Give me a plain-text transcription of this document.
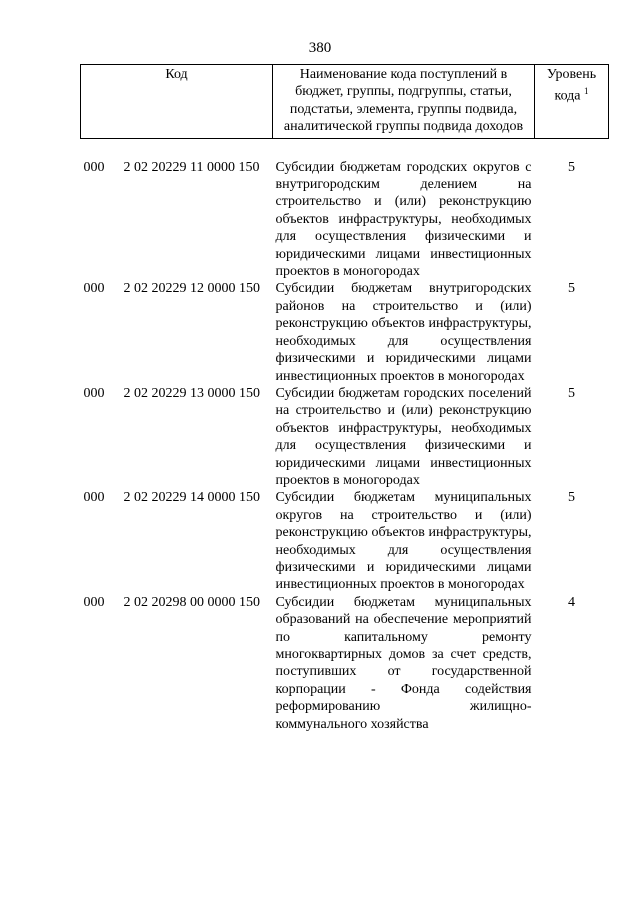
380
Код	Наименование кода поступлений в бюджет, группы, подгруппы, статьи, подстатьи, элемента, группы подвида, аналитической группы подвида доходов	Уровень кода $^1$

000 2 02 20229 11 0000 150	Субсидии бюджетам городских округов с внутригородским делением на строительство и (или) реконструкцию объектов инфраструктуры, необходимых для осуществления физическими и юридическими лицами инвестиционных проектов в моногородах	5
000 2 02 20229 12 0000 150	Субсидии бюджетам внутригородских районов на строительство и (или) реконструкцию объектов инфраструктуры, необходимых для осуществления физическими и юридическими лицами инвестиционных проектов в моногородах	5
000 2 02 20229 13 0000 150	Субсидии бюджетам городских поселений на строительство и (или) реконструкцию объектов инфраструктуры, необходимых для осуществления физическими и юридическими лицами инвестиционных проектов в моногородах	5
000 2 02 20229 14 0000 150	Субсидии бюджетам муниципальных округов на строительство и (или) реконструкцию объектов инфраструктуры, необходимых для осуществления физическими и юридическими лицами инвестиционных проектов в моногородах	5
000 2 02 20298 00 0000 150	Субсидии бюджетам муниципальных образований на обеспечение мероприятий по капитальному ремонту многоквартирных домов за счет средств, поступивших от государственной корпорации - Фонда содействия реформированию жилищно-коммунального хозяйства	4
